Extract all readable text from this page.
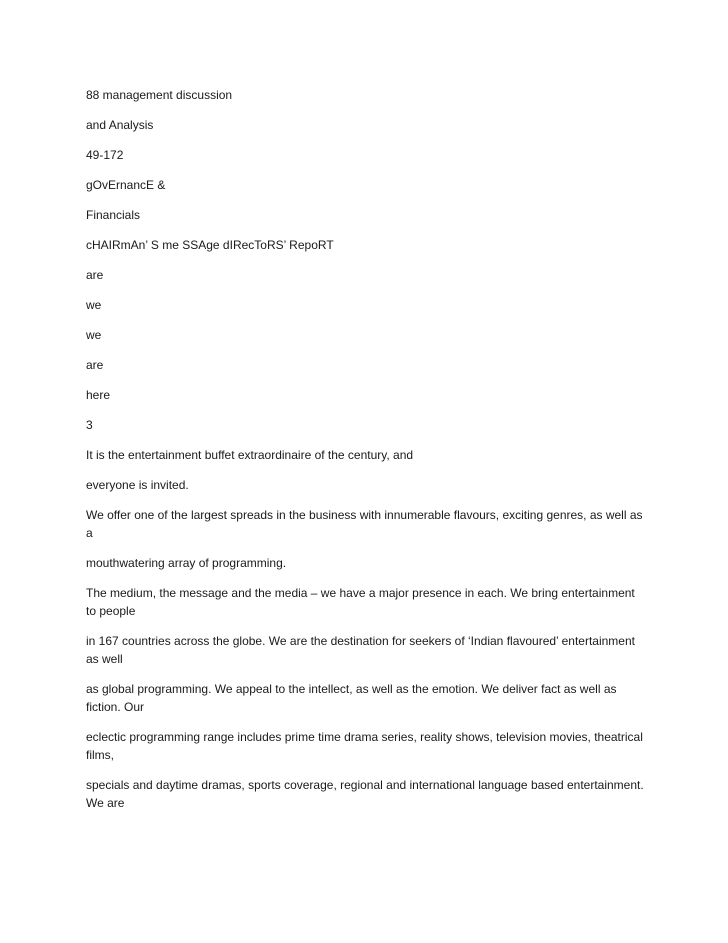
88 management discussion

and Analysis

49-172

gOvErnancE &

Financials

cHAIRmAn’ S me SSAge dIRecToRS’ RepoRT

are

we

we

are

here

3

It is the entertainment buffet extraordinaire of the century, and

everyone is invited.

We offer one of the largest spreads in the business with innumerable flavours, exciting genres, as well as a

mouthwatering array of programming.

The medium, the message and the media – we have a major presence in each. We bring entertainment to people

in 167 countries across the globe. We are the destination for seekers of ‘Indian flavoured’ entertainment as well

as global programming. We appeal to the intellect, as well as the emotion. We deliver fact as well as fiction. Our

eclectic programming range includes prime time drama series, reality shows, television movies, theatrical films,

specials and daytime dramas, sports coverage, regional and international language based entertainment. We are
